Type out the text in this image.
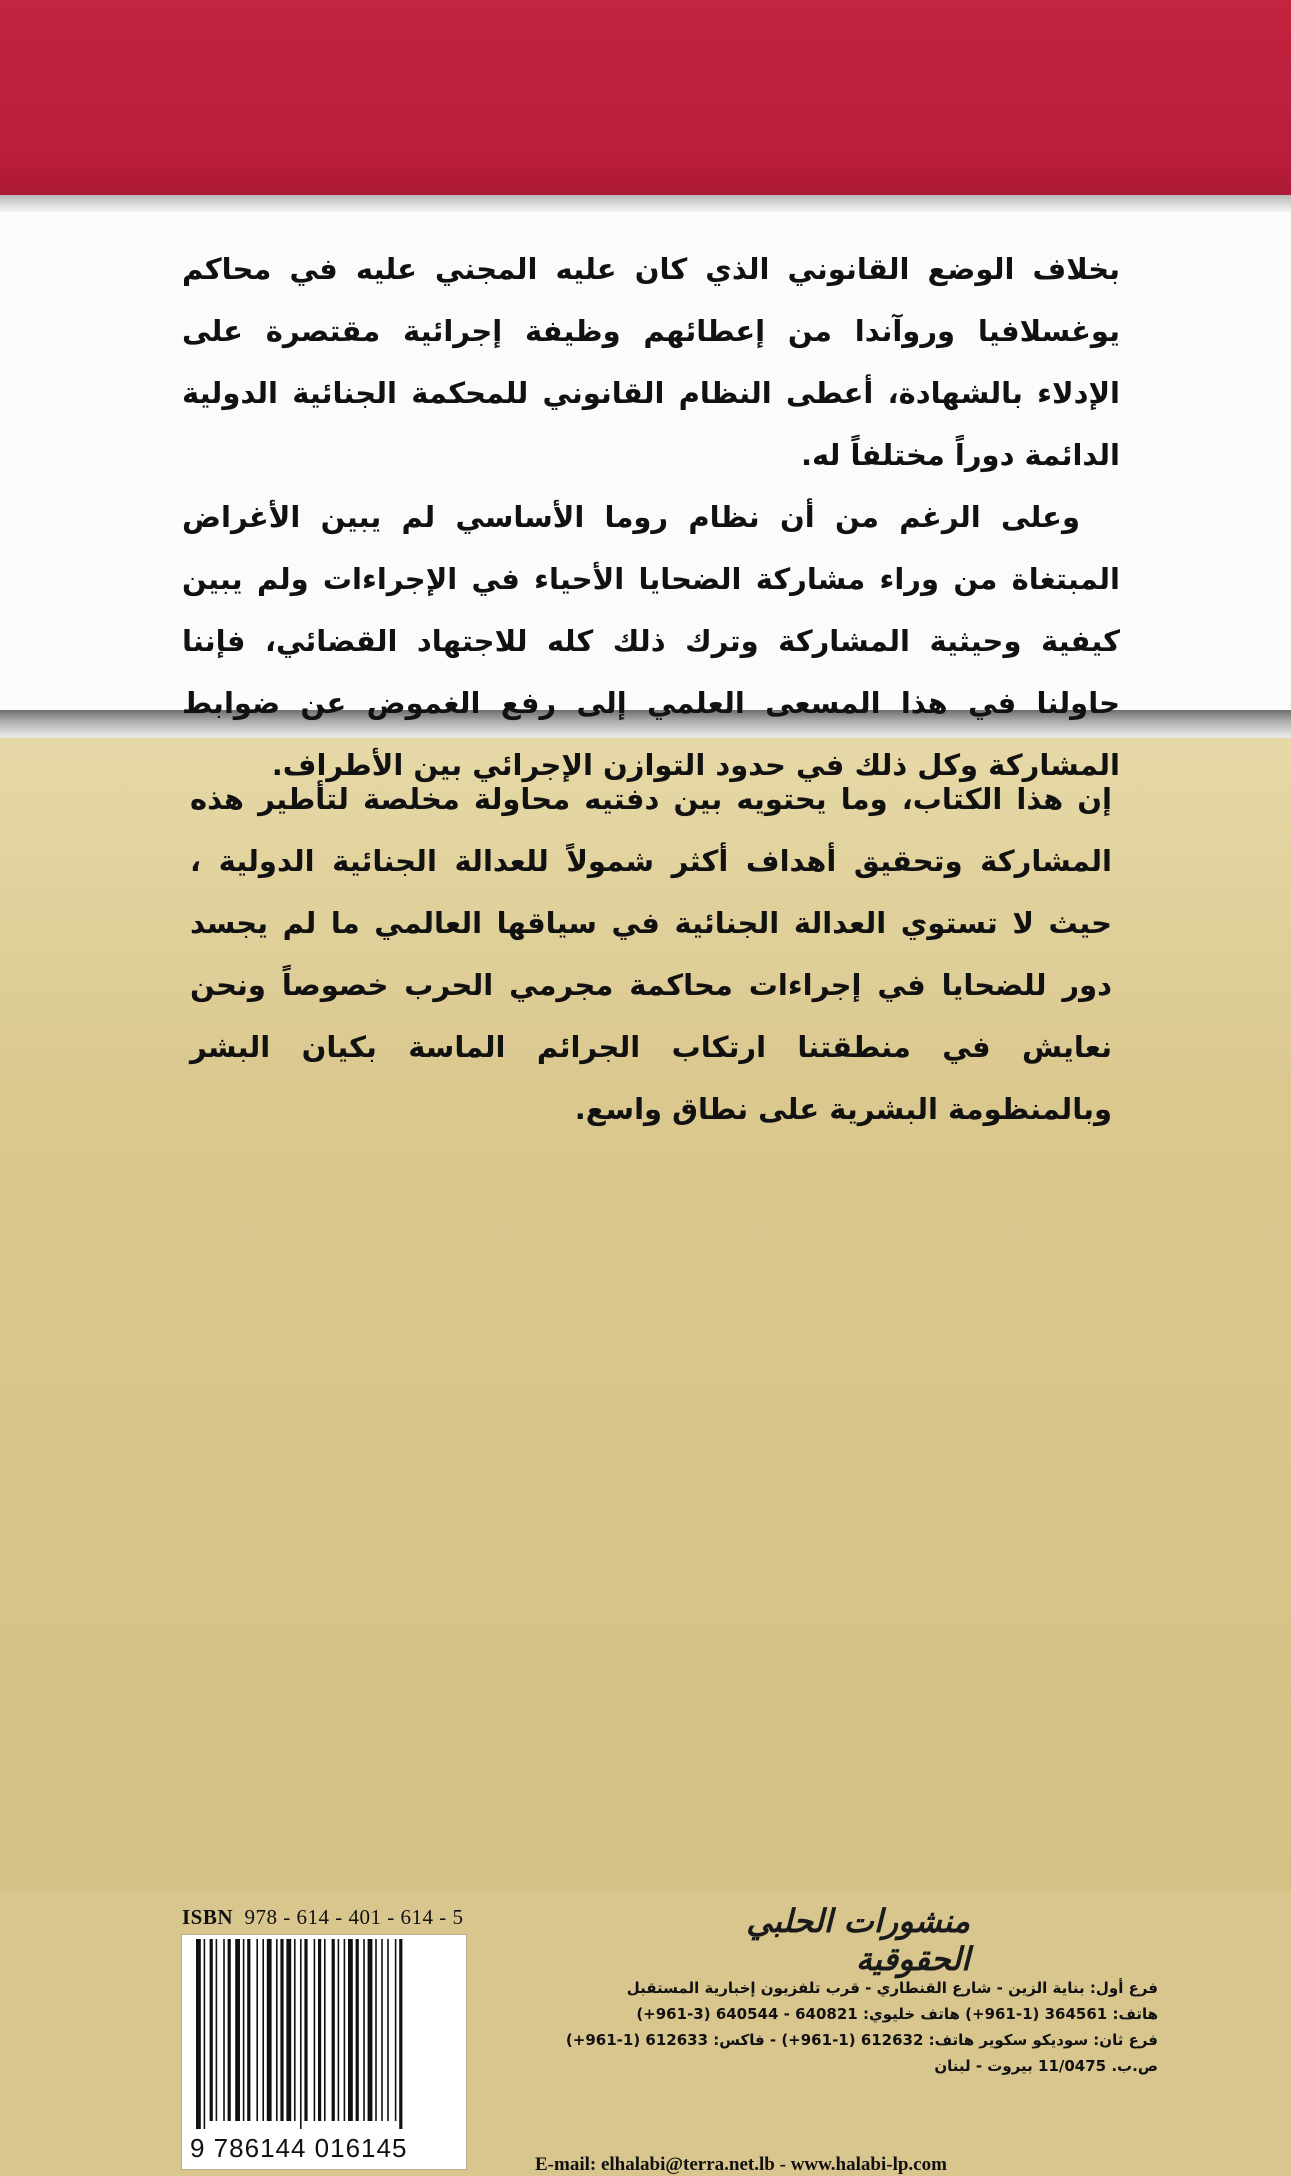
بخلاف الوضع القانوني الذي كان عليه المجني عليه في محاكم يوغسلافيا وروآندا من إعطائهم وظيفة إجرائية مقتصرة على الإدلاء بالشهادة، أعطى النظام القانوني للمحكمة الجنائية الدولية الدائمة دوراً مختلفاً له.

وعلى الرغم من أن نظام روما الأساسي لم يبين الأغراض المبتغاة من وراء مشاركة الضحايا الأحياء في الإجراءات ولم يبين كيفية وحيثية المشاركة وترك ذلك كله للاجتهاد القضائي، فإننا حاولنا في هذا المسعى العلمي إلى رفع الغموض عن ضوابط المشاركة وكل ذلك في حدود التوازن الإجرائي بين الأطراف.

إن هذا الكتاب، وما يحتويه بين دفتيه محاولة مخلصة لتأطير هذه المشاركة وتحقيق أهداف أكثر شمولاً للعدالة الجنائية الدولية ، حيث لا تستوي العدالة الجنائية في سياقها العالمي ما لم يجسد دور للضحايا في إجراءات محاكمة مجرمي الحرب خصوصاً ونحن نعايش في منطقتنا ارتكاب الجرائم الماسة بكيان البشر وبالمنظومة البشرية على نطاق واسع.

ISBN 978 - 614 - 401 - 614 - 5
9 786144 016145
منشورات الحلبي الحقوقية
فرع أول: بناية الزين - شارع القنطاري - قرب تلفزيون إخبارية المستقبل
هاتف: 364561 (1-961+) هاتف خليوي: 640821 - 640544 (3-961+)
فرع ثان: سوديكو سكوير هاتف: 612632 (1-961+) - فاكس: 612633 (1-961+)
ص.ب. 11/0475 بيروت - لبنان
E-mail: elhalabi@terra.net.lb - www.halabi-lp.com
